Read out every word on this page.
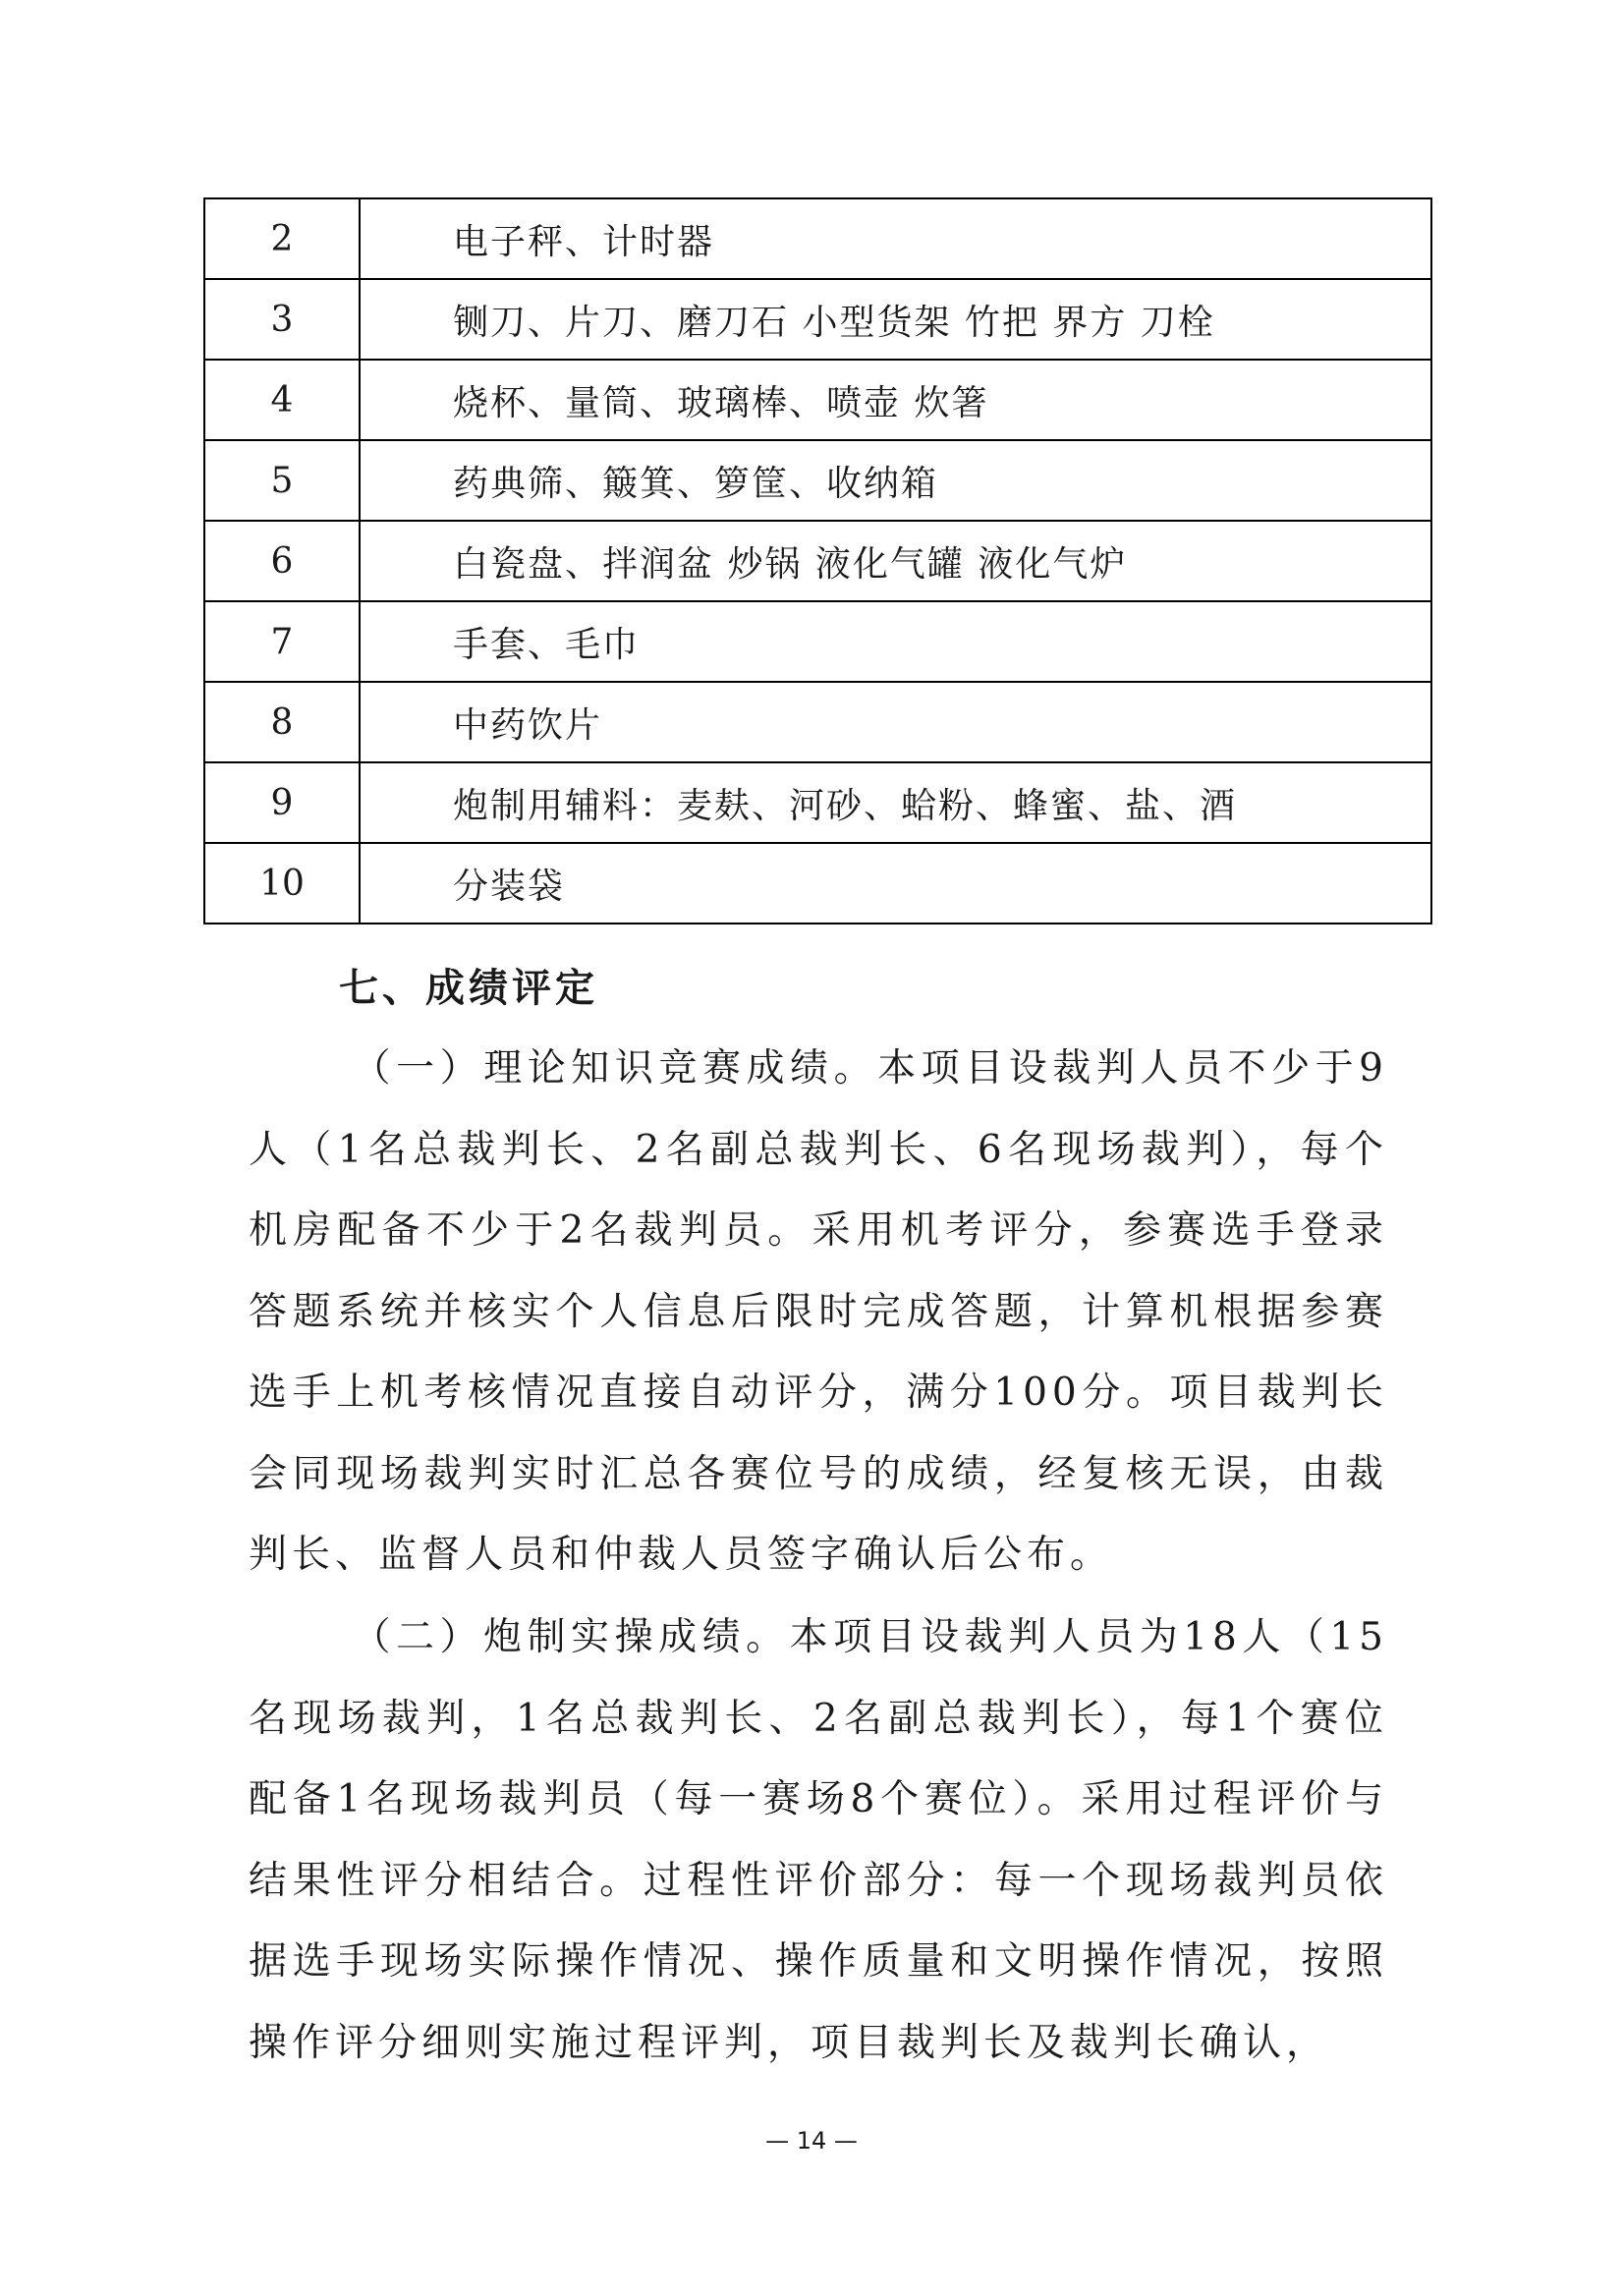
2	电子秤、计时器
3	铡刀、片刀、磨刀石 小型货架 竹把 界方 刀栓
4	烧杯、量筒、玻璃棒、喷壶 炊箸
5	药典筛、簸箕、箩筐、收纳箱
6	白瓷盘、拌润盆 炒锅 液化气罐 液化气炉
7	手套、毛巾
8	中药饮片
9	炮制用辅料：麦麸、河砂、蛤粉、蜂蜜、盐、酒
10	分装袋
七、成绩评定

（一）理论知识竞赛成绩。本项目设裁判人员不少于9人（1名总裁判长、2名副总裁判长、6名现场裁判），每个机房配备不少于2名裁判员。采用机考评分，参赛选手登录答题系统并核实个人信息后限时完成答题，计算机根据参赛选手上机考核情况直接自动评分，满分100分。项目裁判长会同现场裁判实时汇总各赛位号的成绩，经复核无误，由裁判长、监督人员和仲裁人员签字确认后公布。

（二）炮制实操成绩。本项目设裁判人员为18人（15名现场裁判，1名总裁判长、2名副总裁判长），每1个赛位配备1名现场裁判员（每一赛场8个赛位）。采用过程评价与结果性评分相结合。过程性评价部分：每一个现场裁判员依据选手现场实际操作情况、操作质量和文明操作情况，按照操作评分细则实施过程评判，项目裁判长及裁判长确认，

— 14 —
